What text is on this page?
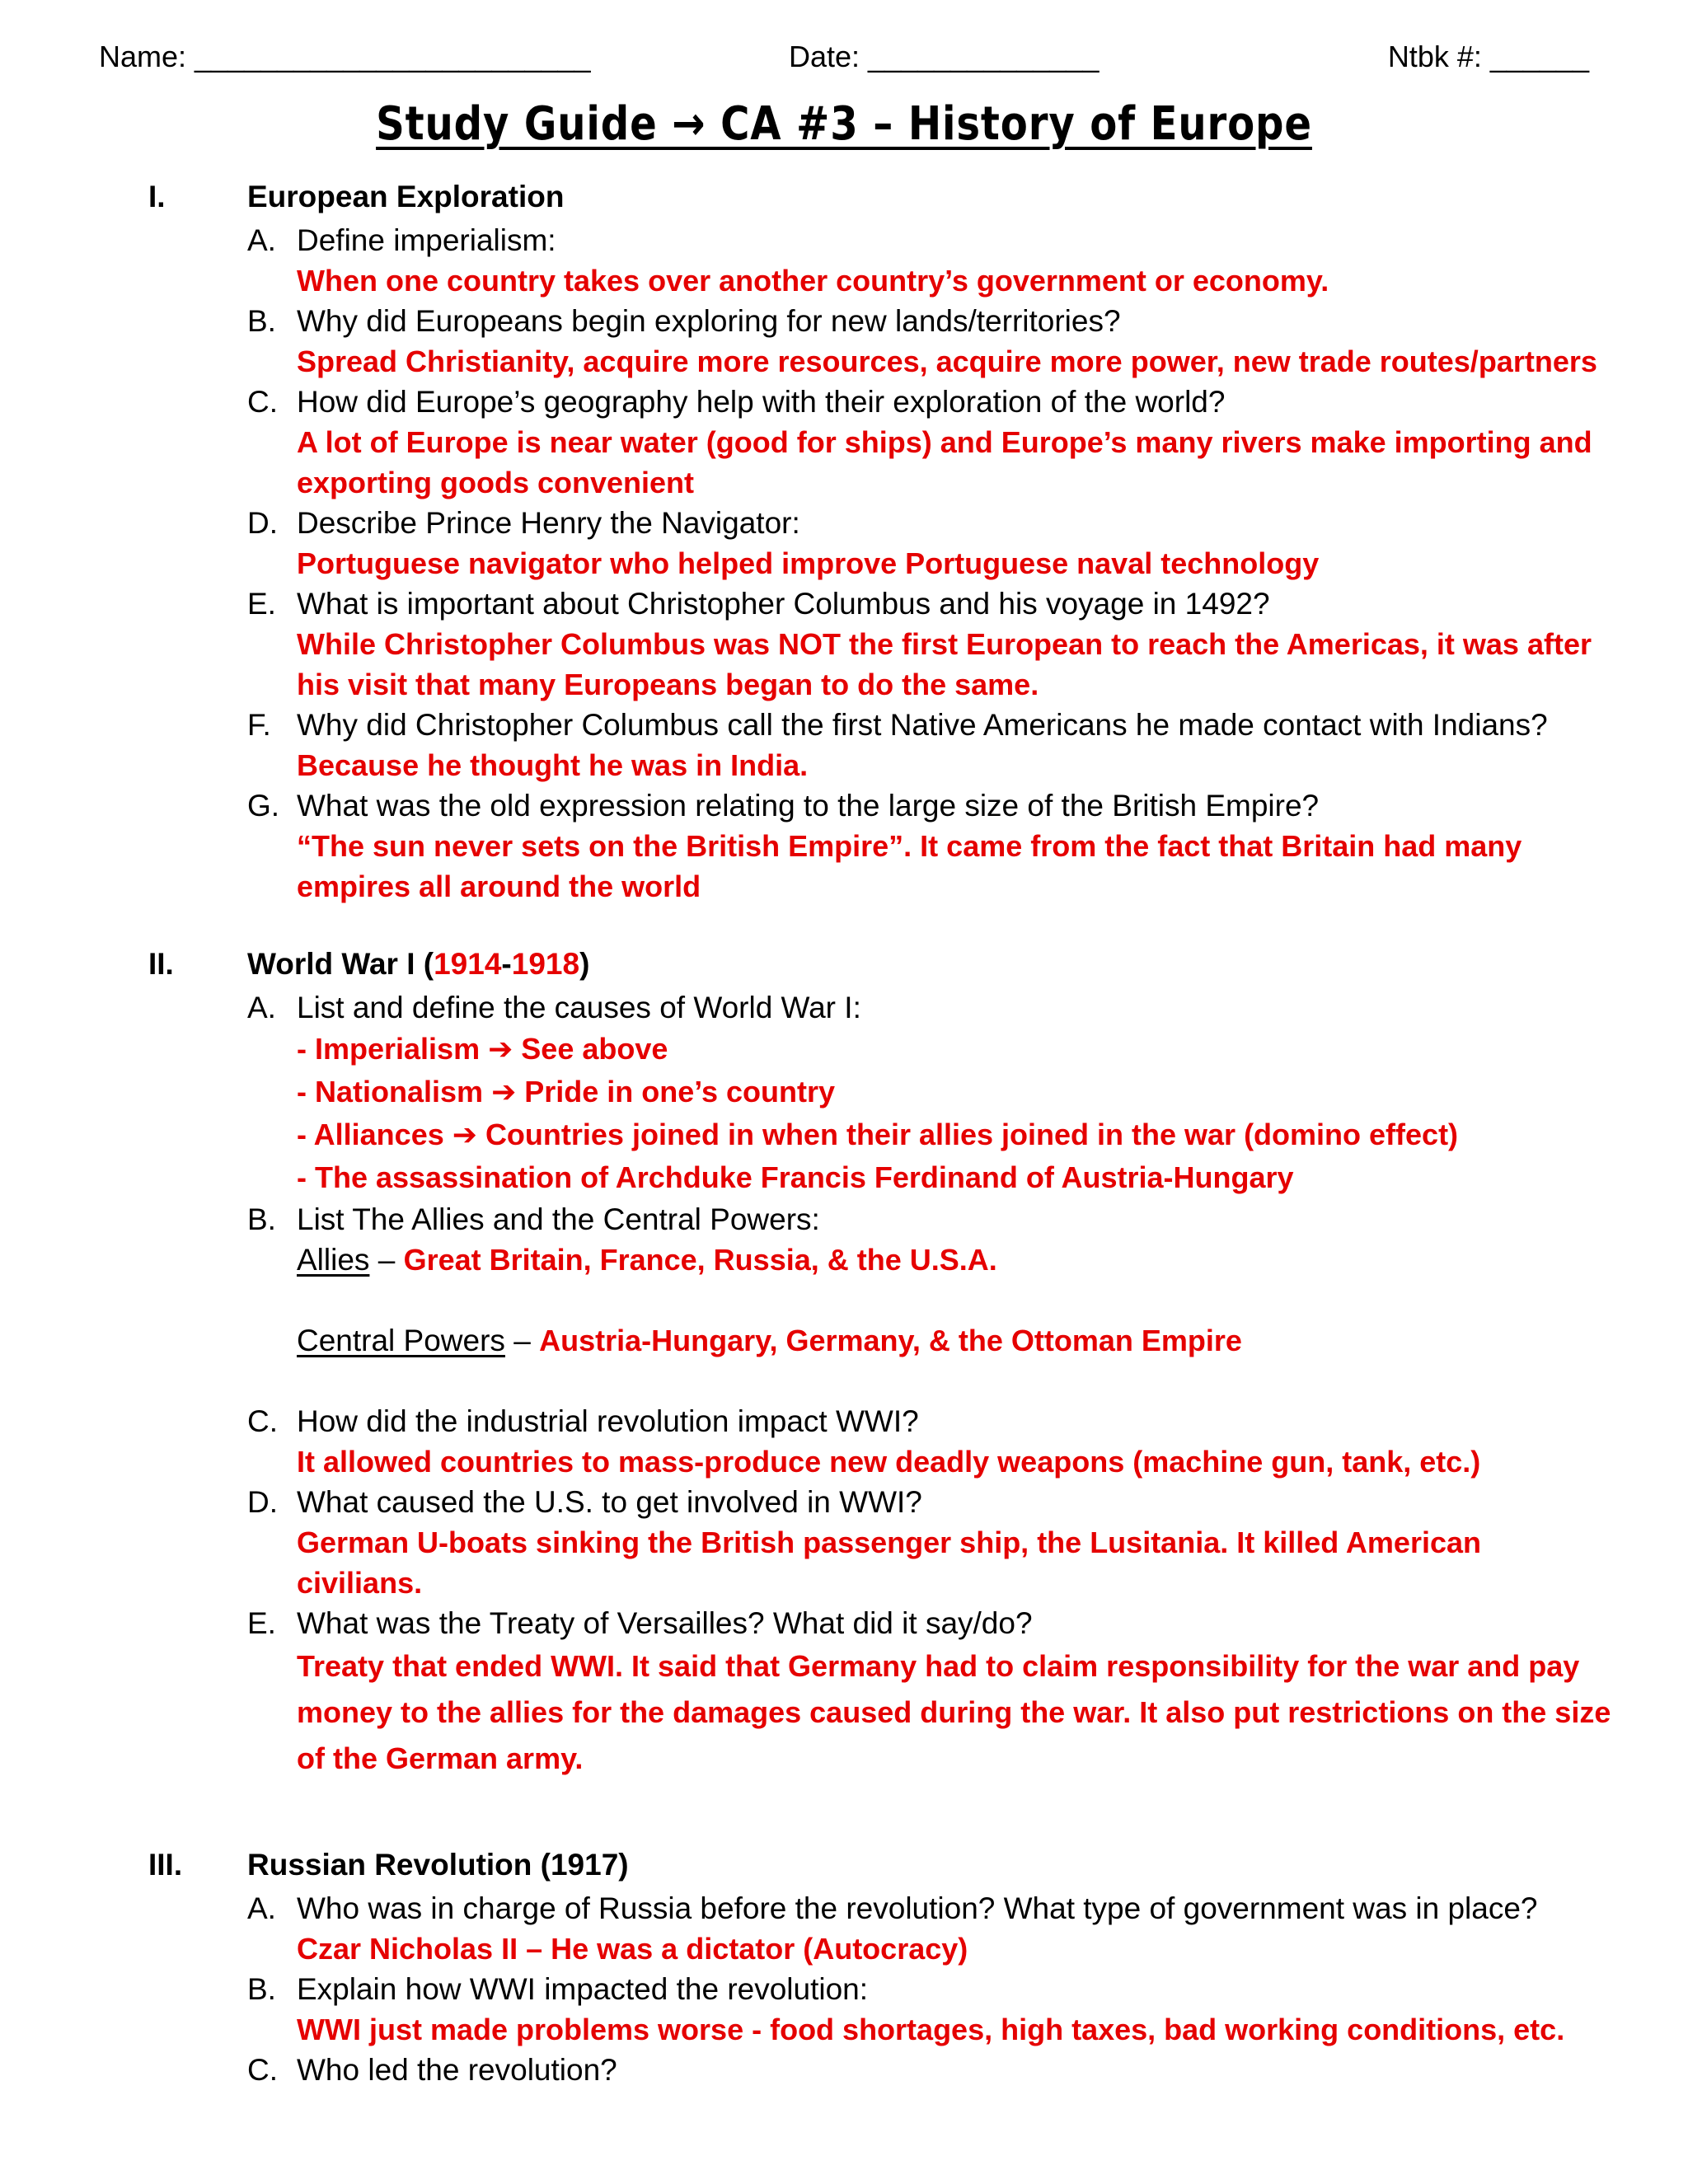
Name: ________________________	Date: ______________	Ntbk #: ______
Study Guide → CA #3 – History of Europe
I.	European Exploration
A. Define imperialism:
When one country takes over another country’s government or economy.
B. Why did Europeans begin exploring for new lands/territories?
Spread Christianity, acquire more resources, acquire more power, new trade routes/partners
C. How did Europe’s geography help with their exploration of the world?
A lot of Europe is near water (good for ships) and Europe’s many rivers make importing and exporting goods convenient
D. Describe Prince Henry the Navigator:
Portuguese navigator who helped improve Portuguese naval technology
E. What is important about Christopher Columbus and his voyage in 1492?
While Christopher Columbus was NOT the first European to reach the Americas, it was after his visit that many Europeans began to do the same.
F. Why did Christopher Columbus call the first Native Americans he made contact with Indians?
Because he thought he was in India.
G. What was the old expression relating to the large size of the British Empire?
“The sun never sets on the British Empire”. It came from the fact that Britain had many empires all around the world
II. World War I (1914-1918)
A. List and define the causes of World War I:
- Imperialism ➔ See above
- Nationalism ➔ Pride in one’s country
- Alliances ➔ Countries joined in when their allies joined in the war (domino effect)
- The assassination of Archduke Francis Ferdinand of Austria-Hungary
B. List The Allies and the Central Powers:
Allies – Great Britain, France, Russia, & the U.S.A.
Central Powers – Austria-Hungary, Germany, & the Ottoman Empire
C. How did the industrial revolution impact WWI?
It allowed countries to mass-produce new deadly weapons (machine gun, tank, etc.)
D. What caused the U.S. to get involved in WWI?
German U-boats sinking the British passenger ship, the Lusitania. It killed American civilians.
E. What was the Treaty of Versailles? What did it say/do?
Treaty that ended WWI. It said that Germany had to claim responsibility for the war and pay money to the allies for the damages caused during the war. It also put restrictions on the size of the German army.
III. Russian Revolution (1917)
A. Who was in charge of Russia before the revolution? What type of government was in place?
Czar Nicholas II – He was a dictator (Autocracy)
B. Explain how WWI impacted the revolution:
WWI just made problems worse - food shortages, high taxes, bad working conditions, etc.
C. Who led the revolution?
